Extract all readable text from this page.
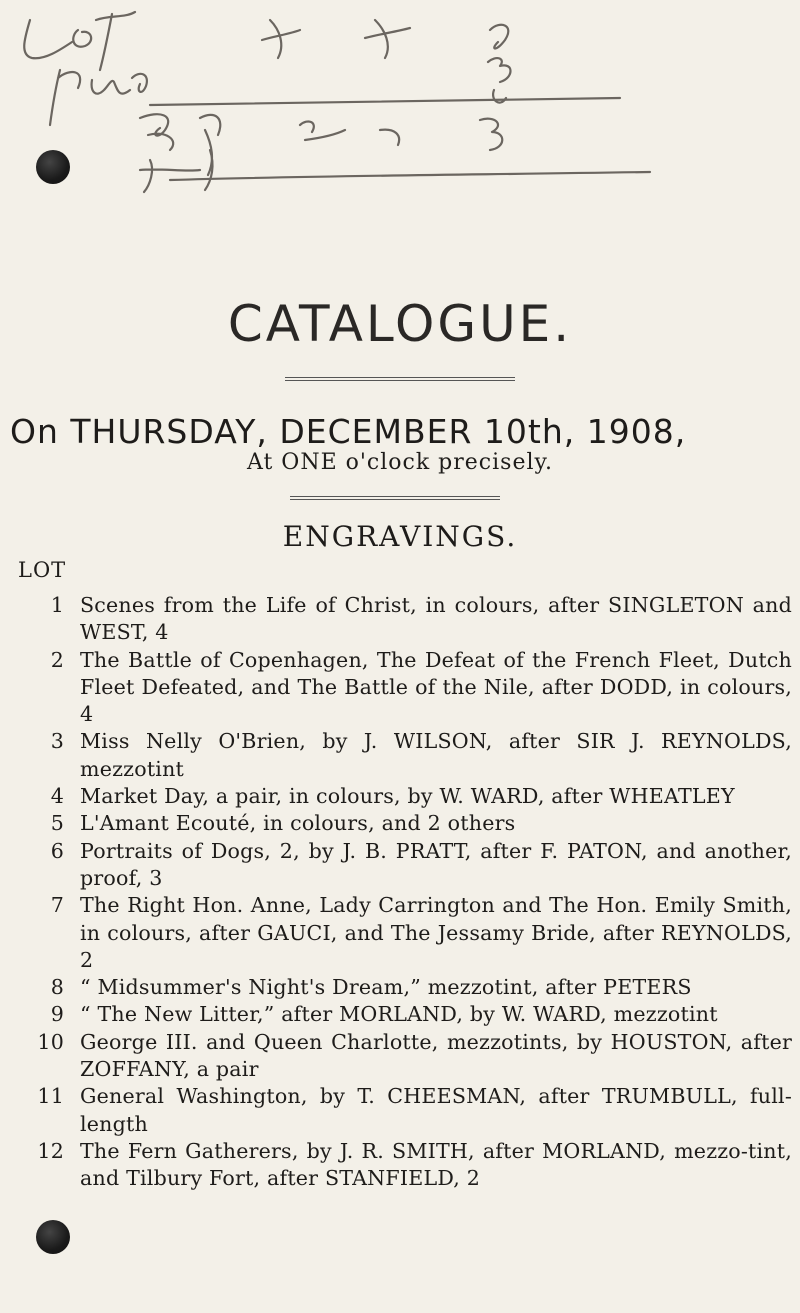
CATALOGUE.
On THURSDAY, DECEMBER 10th, 1908,
At ONE o'clock precisely.
ENGRAVINGS.
LOT
1 Scenes from the Life of Christ, in colours, after SINGLETON and WEST, 4
2 The Battle of Copenhagen, The Defeat of the French Fleet, Dutch Fleet Defeated, and The Battle of the Nile, after DODD, in colours, 4
3 Miss Nelly O'Brien, by J. WILSON, after SIR J. REYNOLDS, mezzotint
4 Market Day, a pair, in colours, by W. WARD, after WHEATLEY
5 L'Amant Ecouté, in colours, and 2 others
6 Portraits of Dogs, 2, by J. B. PRATT, after F. PATON, and another, proof, 3
7 The Right Hon. Anne, Lady Carrington and The Hon. Emily Smith, in colours, after GAUCI, and The Jessamy Bride, after REYNOLDS, 2
8 “ Midsummer's Night's Dream,” mezzotint, after PETERS
9 “ The New Litter,” after MORLAND, by W. WARD, mezzotint
10 George III. and Queen Charlotte, mezzotints, by HOUSTON, after ZOFFANY, a pair
11 General Washington, by T. CHEESMAN, after TRUMBULL, full-length
12 The Fern Gatherers, by J. R. SMITH, after MORLAND, mezzo-tint, and Tilbury Fort, after STANFIELD, 2
